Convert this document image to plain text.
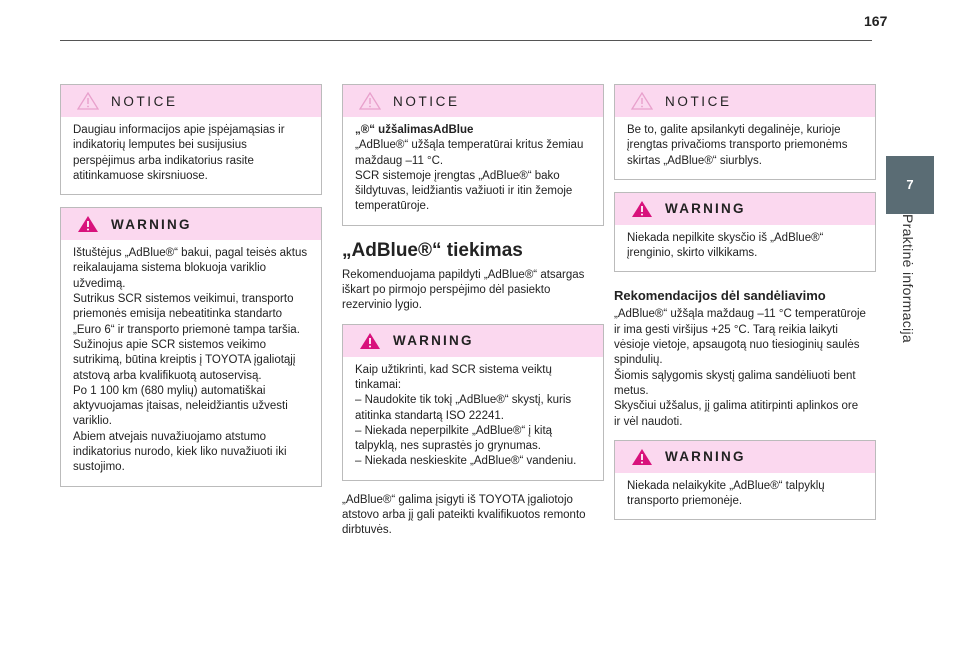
167
7
Praktinė informacija
NOTICE

Daugiau informacijos apie įspėjamąsias ir

indikatorių lemputes bei susijusius

perspėjimus arba indikatorius rasite

atitinkamuose skirsniuose.

WARNING

Ištuštėjus „AdBlue®“ bakui, pagal teisės aktus

reikalaujama sistema blokuoja variklio

užvedimą.

Sutrikus SCR sistemos veikimui, transporto

priemonės emisija nebeatitinka standarto

„Euro 6“ ir transporto priemonė tampa taršia.

Sužinojus apie SCR sistemos veikimo

sutrikimą, būtina kreiptis į TOYOTA įgaliotąjį

atstovą arba kvalifikuotą autoservisą.

Po 1 100 km (680 mylių) automatiškai

aktyvuojamas įtaisas, neleidžiantis užvesti

variklio.

Abiem atvejais nuvažiuojamo atstumo

indikatorius nurodo, kiek liko nuvažiuoti iki

sustojimo.

NOTICE

„®“ užšalimasAdBlue

„AdBlue®“ užšąla temperatūrai kritus žemiau

maždaug –11 °C.

SCR sistemoje įrengtas „AdBlue®“ bako

šildytuvas, leidžiantis važiuoti ir itin žemoje

temperatūroje.

„AdBlue®“ tiekimas

Rekomenduojama papildyti „AdBlue®“ atsargas

iškart po pirmojo perspėjimo dėl pasiekto

rezervinio lygio.

WARNING

Kaip užtikrinti, kad SCR sistema veiktų

tinkamai:

– Naudokite tik tokį „AdBlue®“ skystį, kuris

atitinka standartą ISO 22241.

– Niekada neperpilkite „AdBlue®“ į kitą

talpyklą, nes suprastės jo grynumas.

– Niekada neskieskite „AdBlue®“ vandeniu.

„AdBlue®“ galima įsigyti iš TOYOTA įgaliotojo

atstovo arba jį gali pateikti kvalifikuotos remonto

dirbtuvės.

NOTICE

Be to, galite apsilankyti degalinėje, kurioje

įrengtas privačioms transporto priemonėms

skirtas „AdBlue®“ siurblys.

WARNING

Niekada nepilkite skysčio iš „AdBlue®“

įrenginio, skirto vilkikams.

Rekomendacijos dėl sandėliavimo

„AdBlue®“ užšąla maždaug –11 °C temperatūroje

ir ima gesti viršijus +25 °C. Tarą reikia laikyti

vėsioje vietoje, apsaugotą nuo tiesioginių saulės

spindulių.

Šiomis sąlygomis skystį galima sandėliuoti bent

metus.

Skysčiui užšalus, jį galima atitirpinti aplinkos ore

ir vėl naudoti.

WARNING

Niekada nelaikykite „AdBlue®“ talpyklų

transporto priemonėje.
